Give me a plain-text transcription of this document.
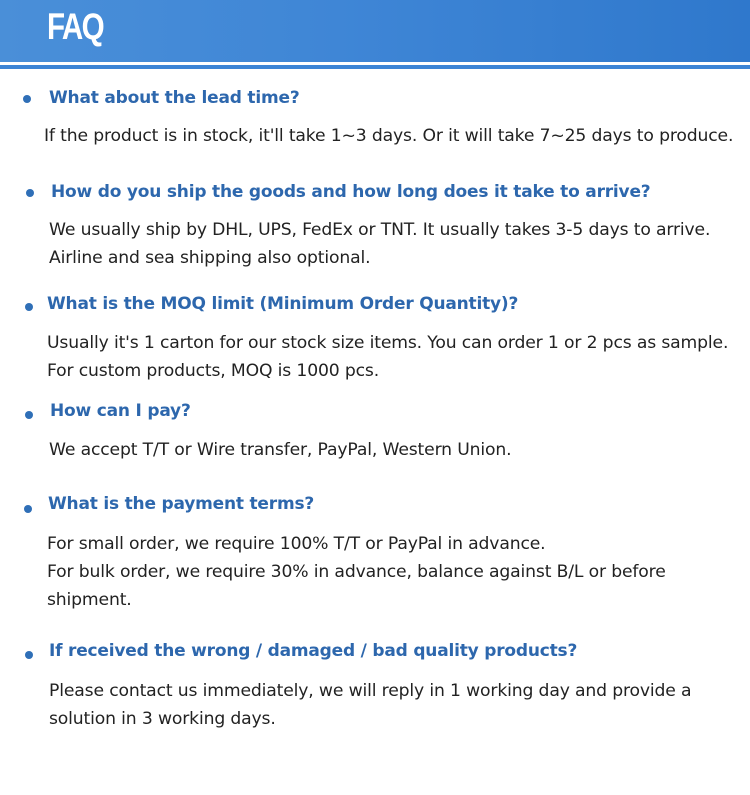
FAQ
What about the lead time?
If the product is in stock, it'll take 1~3 days. Or it will take 7~25 days to produce.
How do you ship the goods and how long does it take to arrive?
We usually ship by DHL, UPS, FedEx or TNT. It usually takes 3-5 days to arrive.
Airline and sea shipping also optional.
What is the MOQ limit (Minimum Order Quantity)?
Usually it's 1 carton for our stock size items. You can order 1 or 2 pcs as sample.
For custom products, MOQ is 1000 pcs.
How can I pay?
We accept T/T or Wire transfer, PayPal, Western Union.
What is the payment terms?
For small order, we require 100% T/T or PayPal in advance.
For bulk order, we require 30% in advance, balance against B/L or before
shipment.
If received the wrong / damaged / bad quality products?
Please contact us immediately, we will reply in 1 working day and provide a
solution in 3 working days.
